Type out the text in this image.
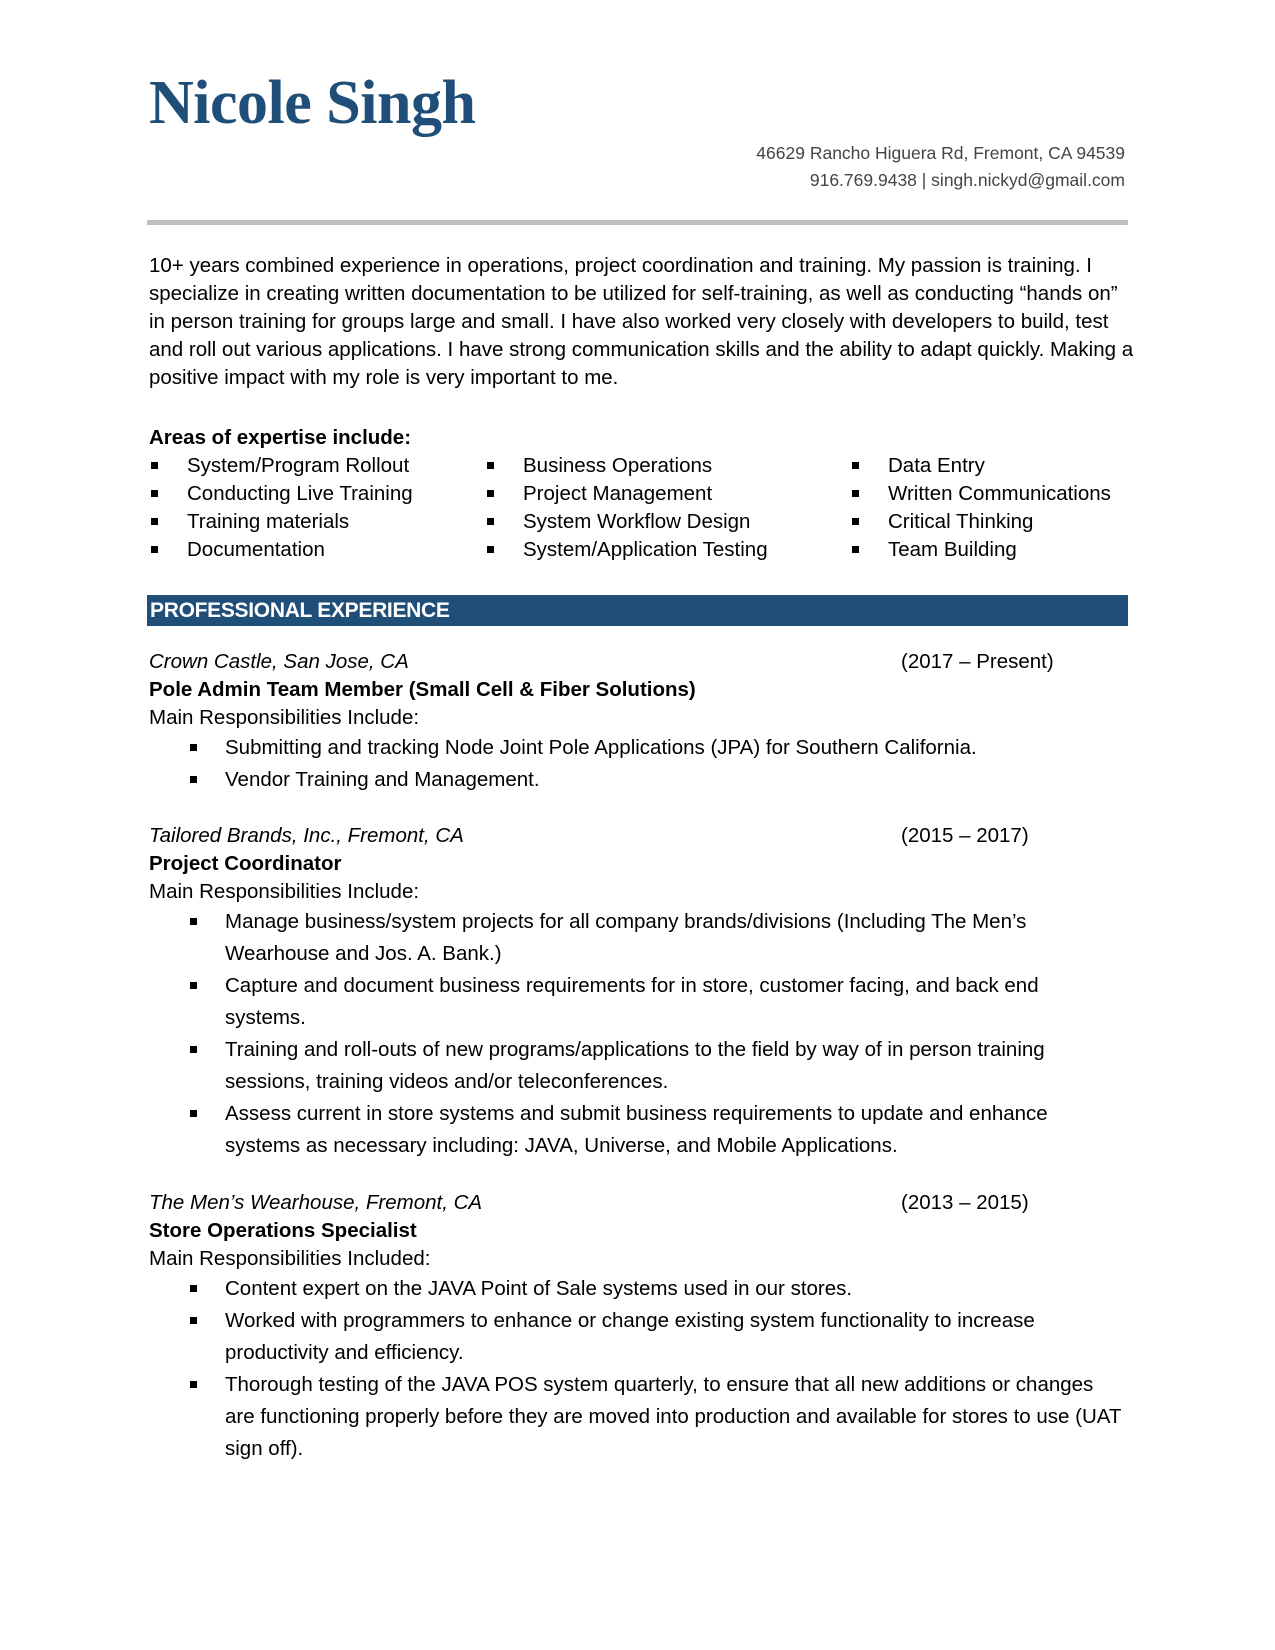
Nicole Singh
46629 Rancho Higuera Rd, Fremont, CA 94539
916.769.9438 | singh.nickyd@gmail.com
10+ years combined experience in operations, project coordination and training. My passion is training. I specialize in creating written documentation to be utilized for self-training, as well as conducting “hands on” in person training for groups large and small. I have also worked very closely with developers to build, test and roll out various applications. I have strong communication skills and the ability to adapt quickly. Making a positive impact with my role is very important to me.
Areas of expertise include:
System/Program Rollout
Conducting Live Training
Training materials
Documentation
Business Operations
Project Management
System Workflow Design
System/Application Testing
Data Entry
Written Communications
Critical Thinking
Team Building
PROFESSIONAL EXPERIENCE
Crown Castle, San Jose, CA	(2017 – Present)
Pole Admin Team Member (Small Cell & Fiber Solutions)
Main Responsibilities Include:
Submitting and tracking Node Joint Pole Applications (JPA) for Southern California.
Vendor Training and Management.
Tailored Brands, Inc., Fremont, CA	(2015 – 2017)
Project Coordinator
Main Responsibilities Include:
Manage business/system projects for all company brands/divisions (Including The Men’s Wearhouse and Jos. A. Bank.)
Capture and document business requirements for in store, customer facing, and back end systems.
Training and roll-outs of new programs/applications to the field by way of in person training sessions, training videos and/or teleconferences.
Assess current in store systems and submit business requirements to update and enhance systems as necessary including: JAVA, Universe, and Mobile Applications.
The Men’s Wearhouse, Fremont, CA	(2013 – 2015)
Store Operations Specialist
Main Responsibilities Included:
Content expert on the JAVA Point of Sale systems used in our stores.
Worked with programmers to enhance or change existing system functionality to increase productivity and efficiency.
Thorough testing of the JAVA POS system quarterly, to ensure that all new additions or changes are functioning properly before they are moved into production and available for stores to use (UAT sign off).
